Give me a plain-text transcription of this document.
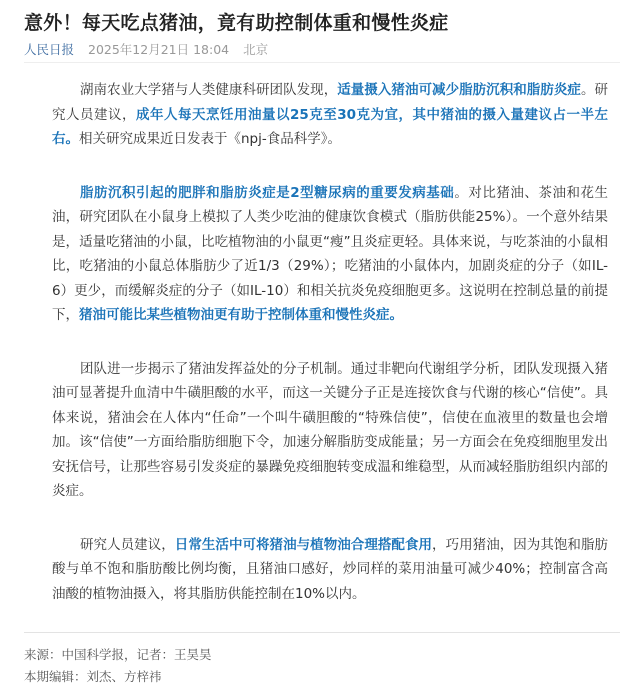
意外！每天吃点猪油，竟有助控制体重和慢性炎症
人民日报 2025年12月21日 18:04 北京

湖南农业大学猪与人类健康科研团队发现，适量摄入猪油可减少脂肪沉积和脂肪炎症。研究人员建议，成年人每天烹饪用油量以25克至30克为宜，其中猪油的摄入量建议占一半左右。相关研究成果近日发表于《npj-食品科学》。

脂肪沉积引起的肥胖和脂肪炎症是2型糖尿病的重要发病基础。对比猪油、茶油和花生油，研究团队在小鼠身上模拟了人类少吃油的健康饮食模式（脂肪供能25%）。一个意外结果是，适量吃猪油的小鼠，比吃植物油的小鼠更“瘦”且炎症更轻。具体来说，与吃茶油的小鼠相比，吃猪油的小鼠总体脂肪少了近1/3（29%）；吃猪油的小鼠体内，加剧炎症的分子（如IL-6）更少，而缓解炎症的分子（如IL-10）和相关抗炎免疫细胞更多。这说明在控制总量的前提下，猪油可能比某些植物油更有助于控制体重和慢性炎症。

团队进一步揭示了猪油发挥益处的分子机制。通过非靶向代谢组学分析，团队发现摄入猪油可显著提升血清中牛磺胆酸的水平，而这一关键分子正是连接饮食与代谢的核心“信使”。具体来说，猪油会在人体内“任命”一个叫牛磺胆酸的“特殊信使”，信使在血液里的数量也会增加。该“信使”一方面给脂肪细胞下令，加速分解脂肪变成能量；另一方面会在免疫细胞里发出安抚信号，让那些容易引发炎症的暴躁免疫细胞转变成温和维稳型，从而减轻脂肪组织内部的炎症。

研究人员建议，日常生活中可将猪油与植物油合理搭配食用，巧用猪油，因为其饱和脂肪酸与单不饱和脂肪酸比例均衡，且猪油口感好，炒同样的菜用油量可减少40%；控制富含高油酸的植物油摄入，将其脂肪供能控制在10%以内。

来源：中国科学报，记者：王昊昊
本期编辑：刘杰、方梓祎
